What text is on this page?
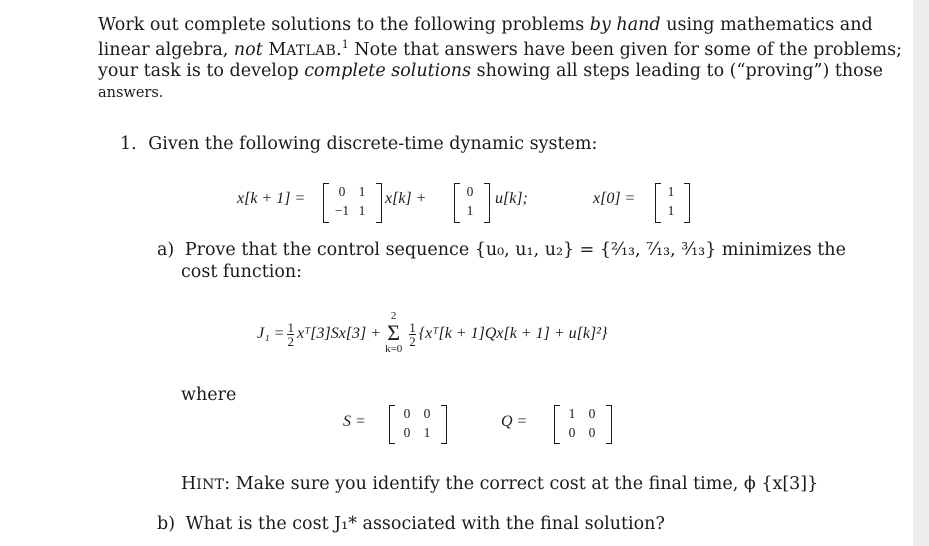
Work out complete solutions to the following problems by hand using mathematics and
linear algebra, not MATLAB.$^1$ Note that answers have been given for some of the problems;
your task is to develop complete solutions showing all steps leading to (“proving”) those
answers.
1. Given the following discrete-time dynamic system:
x[k + 1] =	0 1
−1 1
x[k] +	0
1
u[k];	x[0] =	1
1
a) Prove that the control sequence {u₀, u₁, u₂} = {²⁄₁₃, ⁷⁄₁₃, ³⁄₁₃} minimizes the
cost function:
$J_1 = \frac{1}{2}$ xᵀ[3]Sx[3] +
2
Σ
k=0
$\frac{1}{2}$ {xᵀ[k + 1]Qx[k + 1] + u[k]²}
where
S =	0 0
0 1
Q =	1 0
0 0
HINT: Make sure you identify the correct cost at the final time, ϕ {x[3]}
b) What is the cost J₁* associated with the final solution?
